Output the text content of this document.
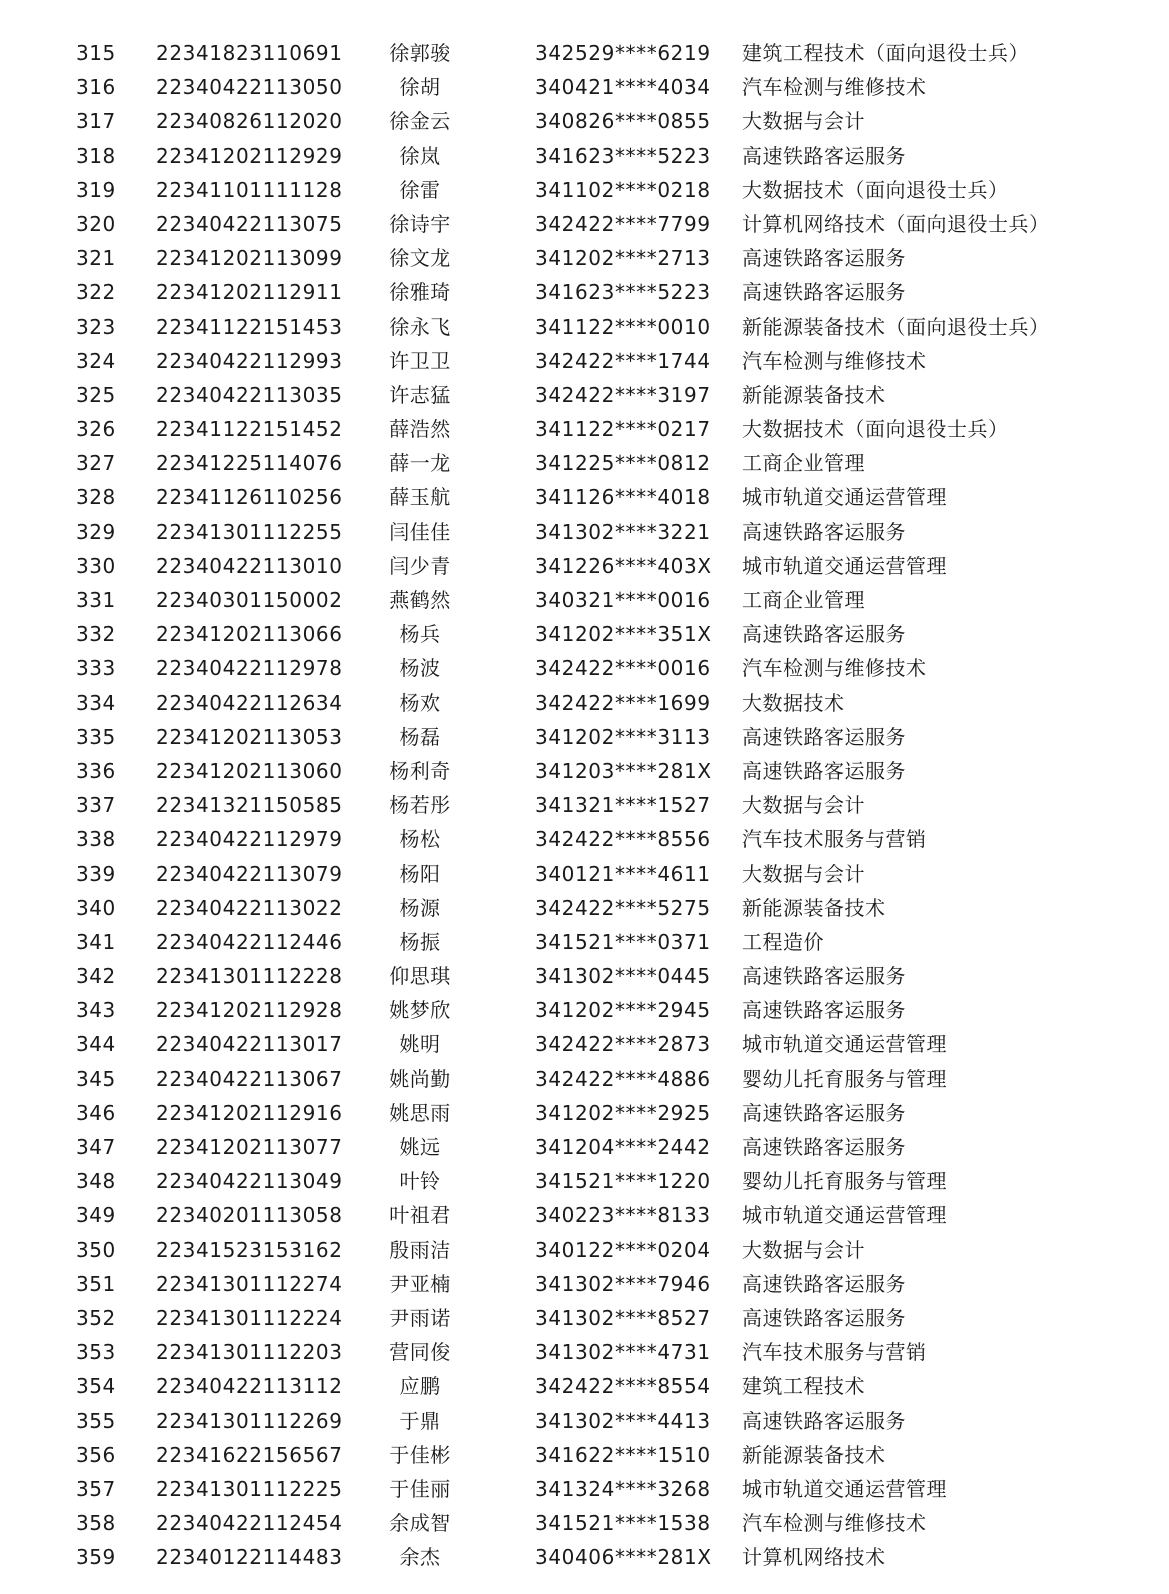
315	22341823110691	徐郭骏	342529****6219	建筑工程技术（面向退役士兵）
316	22340422113050	徐胡	340421****4034	汽车检测与维修技术
317	22340826112020	徐金云	340826****0855	大数据与会计
318	22341202112929	徐岚	341623****5223	高速铁路客运服务
319	22341101111128	徐雷	341102****0218	大数据技术（面向退役士兵）
320	22340422113075	徐诗宇	342422****7799	计算机网络技术（面向退役士兵）
321	22341202113099	徐文龙	341202****2713	高速铁路客运服务
322	22341202112911	徐雅琦	341623****5223	高速铁路客运服务
323	22341122151453	徐永飞	341122****0010	新能源装备技术（面向退役士兵）
324	22340422112993	许卫卫	342422****1744	汽车检测与维修技术
325	22340422113035	许志猛	342422****3197	新能源装备技术
326	22341122151452	薛浩然	341122****0217	大数据技术（面向退役士兵）
327	22341225114076	薛一龙	341225****0812	工商企业管理
328	22341126110256	薛玉航	341126****4018	城市轨道交通运营管理
329	22341301112255	闫佳佳	341302****3221	高速铁路客运服务
330	22340422113010	闫少青	341226****403X	城市轨道交通运营管理
331	22340301150002	燕鹤然	340321****0016	工商企业管理
332	22341202113066	杨兵	341202****351X	高速铁路客运服务
333	22340422112978	杨波	342422****0016	汽车检测与维修技术
334	22340422112634	杨欢	342422****1699	大数据技术
335	22341202113053	杨磊	341202****3113	高速铁路客运服务
336	22341202113060	杨利奇	341203****281X	高速铁路客运服务
337	22341321150585	杨若彤	341321****1527	大数据与会计
338	22340422112979	杨松	342422****8556	汽车技术服务与营销
339	22340422113079	杨阳	340121****4611	大数据与会计
340	22340422113022	杨源	342422****5275	新能源装备技术
341	22340422112446	杨振	341521****0371	工程造价
342	22341301112228	仰思琪	341302****0445	高速铁路客运服务
343	22341202112928	姚梦欣	341202****2945	高速铁路客运服务
344	22340422113017	姚明	342422****2873	城市轨道交通运营管理
345	22340422113067	姚尚勤	342422****4886	婴幼儿托育服务与管理
346	22341202112916	姚思雨	341202****2925	高速铁路客运服务
347	22341202113077	姚远	341204****2442	高速铁路客运服务
348	22340422113049	叶铃	341521****1220	婴幼儿托育服务与管理
349	22340201113058	叶祖君	340223****8133	城市轨道交通运营管理
350	22341523153162	殷雨洁	340122****0204	大数据与会计
351	22341301112274	尹亚楠	341302****7946	高速铁路客运服务
352	22341301112224	尹雨诺	341302****8527	高速铁路客运服务
353	22341301112203	营同俊	341302****4731	汽车技术服务与营销
354	22340422113112	应鹏	342422****8554	建筑工程技术
355	22341301112269	于鼎	341302****4413	高速铁路客运服务
356	22341622156567	于佳彬	341622****1510	新能源装备技术
357	22341301112225	于佳丽	341324****3268	城市轨道交通运营管理
358	22340422112454	余成智	341521****1538	汽车检测与维修技术
359	22340122114483	余杰	340406****281X	计算机网络技术
